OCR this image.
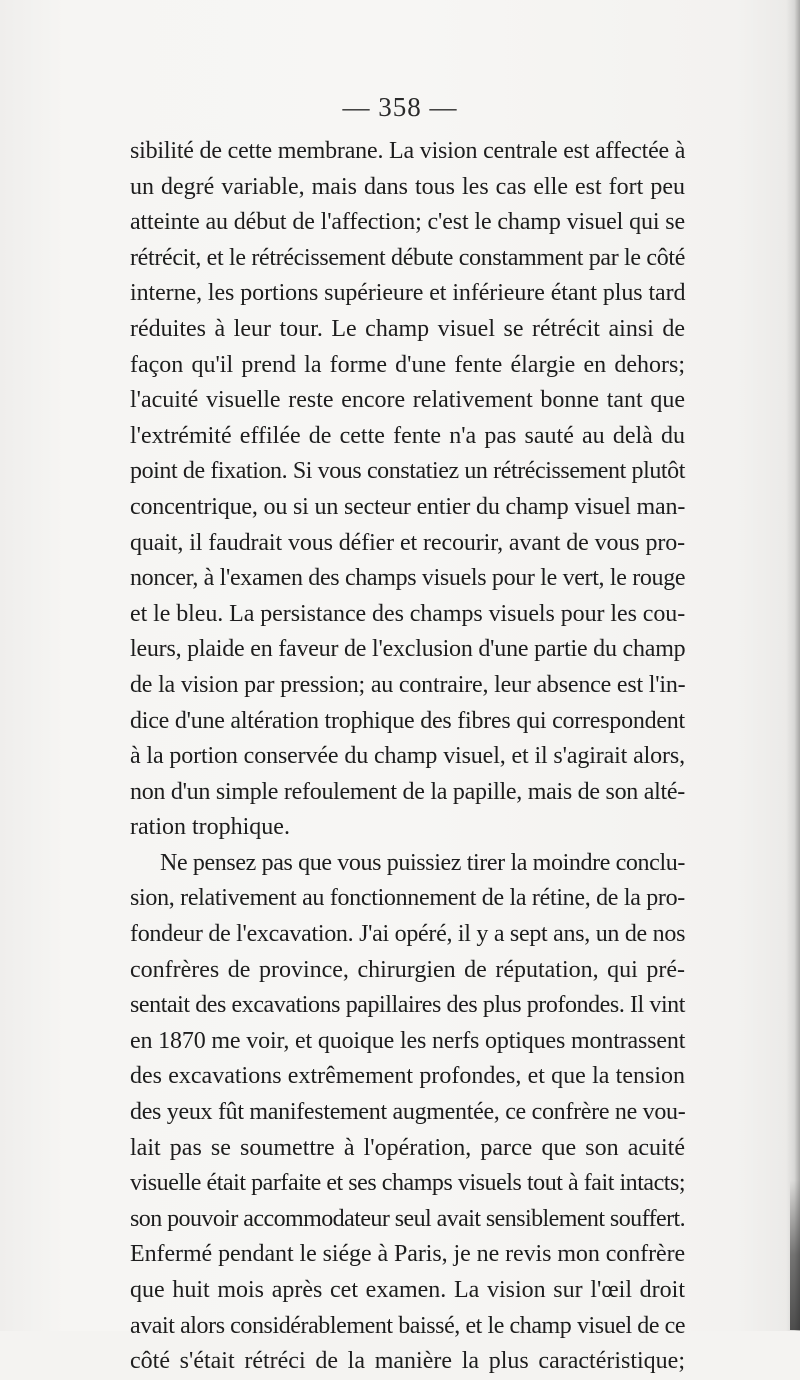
— 358 —
sibilité de cette membrane. La vision centrale est affectée à
un degré variable, mais dans tous les cas elle est fort peu
atteinte au début de l'affection; c'est le champ visuel qui se
rétrécit, et le rétrécissement débute constamment par le côté
interne, les portions supérieure et inférieure étant plus tard
réduites à leur tour. Le champ visuel se rétrécit ainsi de
façon qu'il prend la forme d'une fente élargie en dehors;
l'acuité visuelle reste encore relativement bonne tant que
l'extrémité effilée de cette fente n'a pas sauté au delà du
point de fixation. Si vous constatiez un rétrécissement plutôt
concentrique, ou si un secteur entier du champ visuel man-
quait, il faudrait vous défier et recourir, avant de vous pro-
noncer, à l'examen des champs visuels pour le vert, le rouge
et le bleu. La persistance des champs visuels pour les cou-
leurs, plaide en faveur de l'exclusion d'une partie du champ
de la vision par pression; au contraire, leur absence est l'in-
dice d'une altération trophique des fibres qui correspondent
à la portion conservée du champ visuel, et il s'agirait alors,
non d'un simple refoulement de la papille, mais de son alté-
ration trophique.
Ne pensez pas que vous puissiez tirer la moindre conclu-
sion, relativement au fonctionnement de la rétine, de la pro-
fondeur de l'excavation. J'ai opéré, il y a sept ans, un de nos
confrères de province, chirurgien de réputation, qui pré-
sentait des excavations papillaires des plus profondes. Il vint
en 1870 me voir, et quoique les nerfs optiques montrassent
des excavations extrêmement profondes, et que la tension
des yeux fût manifestement augmentée, ce confrère ne vou-
lait pas se soumettre à l'opération, parce que son acuité
visuelle était parfaite et ses champs visuels tout à fait intacts;
son pouvoir accommodateur seul avait sensiblement souffert.
Enfermé pendant le siége à Paris, je ne revis mon confrère
que huit mois après cet examen. La vision sur l'œil droit
avait alors considérablement baissé, et le champ visuel de ce
côté s'était rétréci de la manière la plus caractéristique;
